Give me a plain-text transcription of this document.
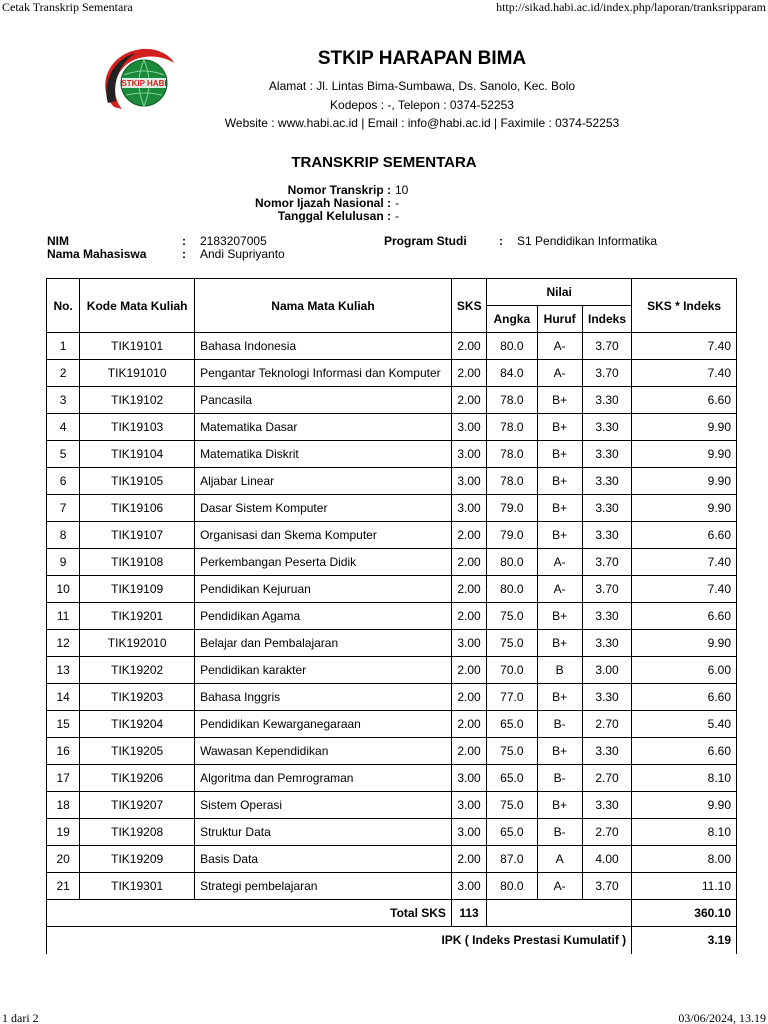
Cetak Transkrip Sementara	http://sikad.habi.ac.id/index.php/laporan/tranksripparam
STKIP HABI
STKIP HARAPAN BIMA
Alamat : Jl. Lintas Bima-Sumbawa, Ds. Sanolo, Kec. Bolo
Kodepos : -, Telepon : 0374-52253
Website : www.habi.ac.id | Email : info@habi.ac.id | Faximile : 0374-52253
TRANSKRIP SEMENTARA
Nomor Transkrip : 10
Nomor Ijazah Nasional : -
Tanggal Kelulusan : -
NIM	: 2183207005	Program Studi	: S1 Pendidikan Informatika
Nama Mahasiswa	: Andi Supriyanto
No.	Kode Mata Kuliah	Nama Mata Kuliah	SKS	Nilai			SKS * Indeks
				Angka	Huruf	Indeks	
1	TIK19101	Bahasa Indonesia	2.00	80.0	A-	3.70	7.40
2	TIK191010	Pengantar Teknologi Informasi dan Komputer	2.00	84.0	A-	3.70	7.40
3	TIK19102	Pancasila	2.00	78.0	B+	3.30	6.60
4	TIK19103	Matematika Dasar	3.00	78.0	B+	3.30	9.90
5	TIK19104	Matematika Diskrit	3.00	78.0	B+	3.30	9.90
6	TIK19105	Aljabar Linear	3.00	78.0	B+	3.30	9.90
7	TIK19106	Dasar Sistem Komputer	3.00	79.0	B+	3.30	9.90
8	TIK19107	Organisasi dan Skema Komputer	2.00	79.0	B+	3.30	6.60
9	TIK19108	Perkembangan Peserta Didik	2.00	80.0	A-	3.70	7.40
10	TIK19109	Pendidikan Kejuruan	2.00	80.0	A-	3.70	7.40
11	TIK19201	Pendidikan Agama	2.00	75.0	B+	3.30	6.60
12	TIK192010	Belajar dan Pembalajaran	3.00	75.0	B+	3.30	9.90
13	TIK19202	Pendidikan karakter	2.00	70.0	B	3.00	6.00
14	TIK19203	Bahasa Inggris	2.00	77.0	B+	3.30	6.60
15	TIK19204	Pendidikan Kewarganegaraan	2.00	65.0	B-	2.70	5.40
16	TIK19205	Wawasan Kependidikan	2.00	75.0	B+	3.30	6.60
17	TIK19206	Algoritma dan Pemrograman	3.00	65.0	B-	2.70	8.10
18	TIK19207	Sistem Operasi	3.00	75.0	B+	3.30	9.90
19	TIK19208	Struktur Data	3.00	65.0	B-	2.70	8.10
20	TIK19209	Basis Data	2.00	87.0	A	4.00	8.00
21	TIK19301	Strategi pembelajaran	3.00	80.0	A-	3.70	11.10
Total SKS			113				360.10
IPK ( Indeks Prestasi Kumulatif )							3.19
1 dari 2	03/06/2024, 13.19
